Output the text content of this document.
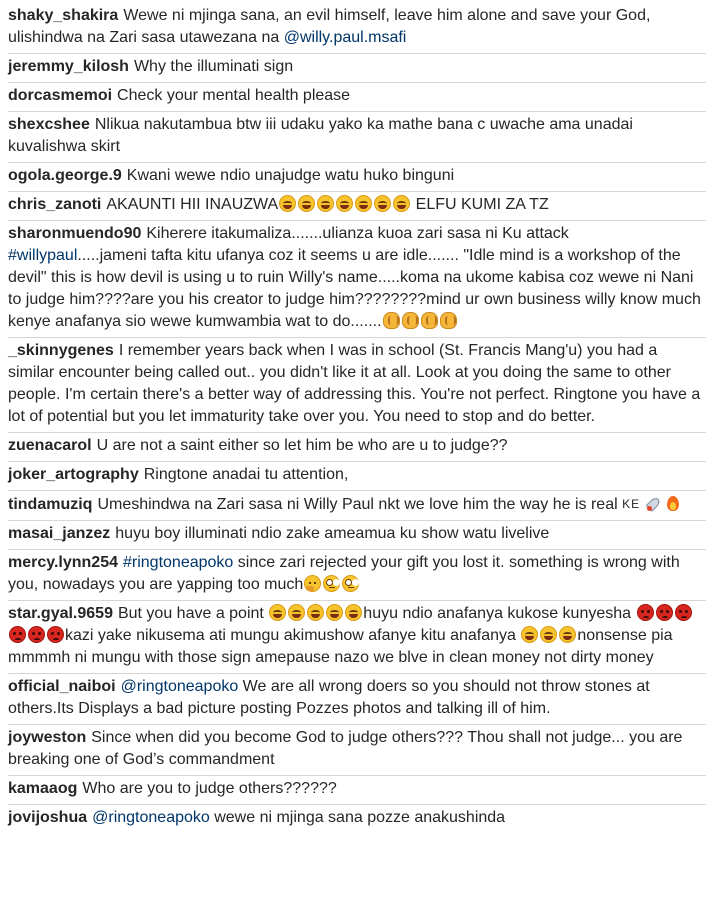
shaky_shakira Wewe ni mjinga sana, an evil himself, leave him alone and save your God, ulishindwa na Zari sasa utawezana na @willy.paul.msafi
jeremmy_kilosh Why the illuminati sign
dorcasmemoi Check your mental health please
shexcshee Nlikua nakutambua btw iii udaku yako ka mathe bana c uwache ama unadai kuvalishwa skirt
ogola.george.9 Kwani wewe ndio unajudge watu huko binguni
chris_zanoti AKAUNTI HII INAUZWA	ELFU KUMI ZA TZ
sharonmuendo90 Kiherere itakumaliza.......ulianza kuoa zari sasa ni Ku attack #willypaul.....jameni tafta kitu ufanya coz it seems u are idle....... "Idle mind is a workshop of the devil" this is how devil is using u to ruin Willy's name.....koma na ukome kabisa coz wewe ni Nani to judge him????are you his creator to judge him????????mind ur own business willy know much kenye anafanya sio wewe kumwambia wat to do.......
_skinnygenes I remember years back when I was in school (St. Francis Mang'u) you had a similar encounter being called out.. you didn't like it at all. Look at you doing the same to other people. I'm certain there's a better way of addressing this. You're not perfect. Ringtone you have a lot of potential but you let immaturity take over you. You need to stop and do better.
zuenacarol U are not a saint either so let him be who are u to judge??
joker_artography Ringtone anadai tu attention,
tindamuziq Umeshindwa na Zari sasa ni Willy Paul nkt we love him the way he is real KE
masai_janzez huyu boy illuminati ndio zake ameamua ku show watu livelive
mercy.lynn254 #ringtoneapoko since zari rejected your gift you lost it. something is wrong with you, nowadays you are yapping too much
star.gyal.9659 But you have a point	huyu ndio anafanya kukose kunyesha kazi yake nikusema ati mungu akimushow afanye kitu anafanya	nonsense pia mmmmh ni mungu with those sign amepause nazo we blve in clean money not dirty money
official_naiboi @ringtoneapoko We are all wrong doers so you should not throw stones at others.Its Displays a bad picture posting Pozzes photos and talking ill of him.
joyweston Since when did you become God to judge others??? Thou shall not judge... you are breaking one of God’s commandment
kamaaog Who are you to judge others??????
jovijoshua @ringtoneapoko wewe ni mjinga sana pozze anakushinda
